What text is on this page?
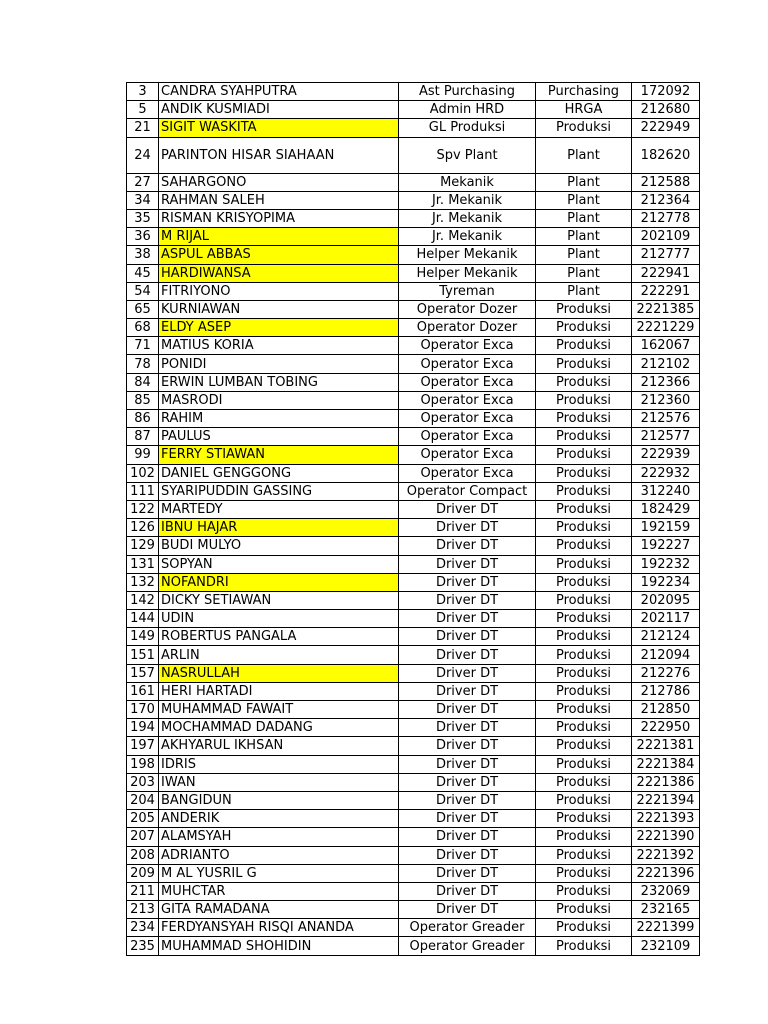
3	CANDRA SYAHPUTRA	Ast Purchasing	Purchasing	172092
5	ANDIK KUSMIADI	Admin HRD	HRGA	212680
21	SIGIT WASKITA	GL Produksi	Produksi	222949
24	PARINTON HISAR SIAHAAN	Spv Plant	Plant	182620
27	SAHARGONO	Mekanik	Plant	212588
34	RAHMAN SALEH	Jr. Mekanik	Plant	212364
35	RISMAN KRISYOPIMA	Jr. Mekanik	Plant	212778
36	M RIJAL	Jr. Mekanik	Plant	202109
38	ASPUL ABBAS	Helper Mekanik	Plant	212777
45	HARDIWANSA	Helper Mekanik	Plant	222941
54	FITRIYONO	Tyreman	Plant	222291
65	KURNIAWAN	Operator Dozer	Produksi	2221385
68	ELDY ASEP	Operator Dozer	Produksi	2221229
71	MATIUS KORIA	Operator Exca	Produksi	162067
78	PONIDI	Operator Exca	Produksi	212102
84	ERWIN LUMBAN TOBING	Operator Exca	Produksi	212366
85	MASRODI	Operator Exca	Produksi	212360
86	RAHIM	Operator Exca	Produksi	212576
87	PAULUS	Operator Exca	Produksi	212577
99	FERRY STIAWAN	Operator Exca	Produksi	222939
102	DANIEL GENGGONG	Operator Exca	Produksi	222932
111	SYARIPUDDIN GASSING	Operator Compact	Produksi	312240
122	MARTEDY	Driver DT	Produksi	182429
126	IBNU HAJAR	Driver DT	Produksi	192159
129	BUDI MULYO	Driver DT	Produksi	192227
131	SOPYAN	Driver DT	Produksi	192232
132	NOFANDRI	Driver DT	Produksi	192234
142	DICKY SETIAWAN	Driver DT	Produksi	202095
144	UDIN	Driver DT	Produksi	202117
149	ROBERTUS PANGALA	Driver DT	Produksi	212124
151	ARLIN	Driver DT	Produksi	212094
157	NASRULLAH	Driver DT	Produksi	212276
161	HERI HARTADI	Driver DT	Produksi	212786
170	MUHAMMAD FAWAIT	Driver DT	Produksi	212850
194	MOCHAMMAD DADANG	Driver DT	Produksi	222950
197	AKHYARUL IKHSAN	Driver DT	Produksi	2221381
198	IDRIS	Driver DT	Produksi	2221384
203	IWAN	Driver DT	Produksi	2221386
204	BANGIDUN	Driver DT	Produksi	2221394
205	ANDERIK	Driver DT	Produksi	2221393
207	ALAMSYAH	Driver DT	Produksi	2221390
208	ADRIANTO	Driver DT	Produksi	2221392
209	M AL YUSRIL G	Driver DT	Produksi	2221396
211	MUHCTAR	Driver DT	Produksi	232069
213	GITA RAMADANA	Driver DT	Produksi	232165
234	FERDYANSYAH RISQI ANANDA	Operator Greader	Produksi	2221399
235	MUHAMMAD SHOHIDIN	Operator Greader	Produksi	232109
